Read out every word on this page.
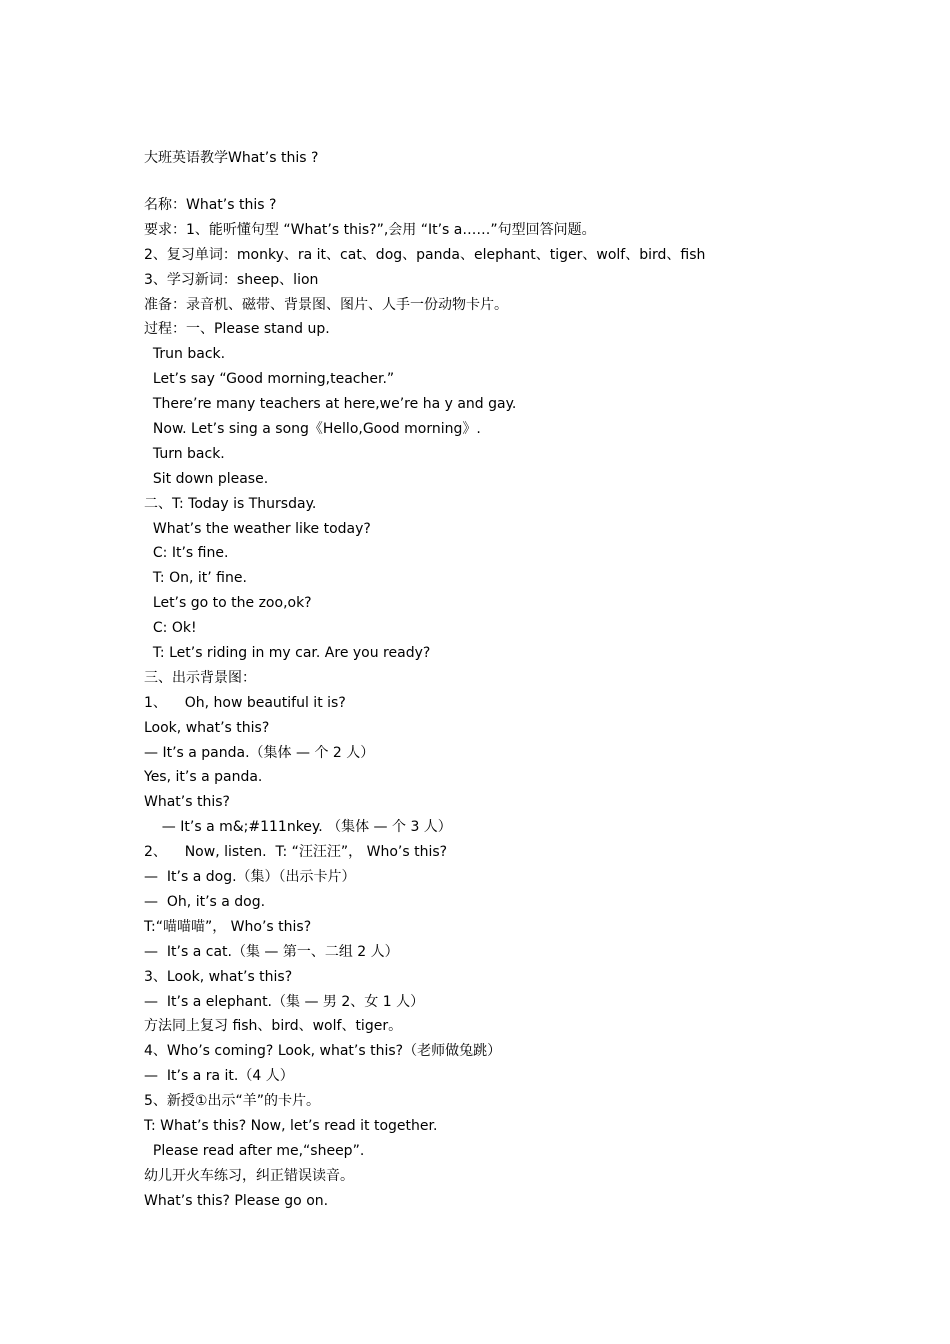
大班英语教学What’s this ?
名称：What’s this ?
要求：1、能听懂句型 “What’s this?”,会用 “It’s a……”句型回答问题。
2、复习单词：monky、ra it、cat、dog、panda、elephant、tiger、wolf、bird、fish
3、学习新词：sheep、lion
准备：录音机、磁带、背景图、图片、人手一份动物卡片。
过程：一、Please stand up.
Trun back.
Let’s say “Good morning,teacher.”
There’re many teachers at here,we’re ha y and gay.
Now. Let’s sing a song《Hello,Good morning》.
Turn back.
Sit down please.
二、T: Today is Thursday.
What’s the weather like today?
C: It’s fine.
T: On, it’ fine.
Let’s go to the zoo,ok?
C: Ok!
T: Let’s riding in my car. Are you ready?
三、出示背景图：
1、    Oh, how beautiful it is?
Look, what’s this?
— It’s a panda.（集体 — 个 2 人）
Yes, it’s a panda.
What’s this?
— It’s a m&;#111nkey. （集体 — 个 3 人）
2、    Now, listen.  T: “汪汪汪”， Who’s this?
—  It’s a dog.（集）（出示卡片）
—  Oh, it’s a dog.
T:“喵喵喵”， Who’s this?
—  It’s a cat.（集 — 第一、二组 2 人）
3、Look, what’s this?
—  It’s a elephant.（集 — 男 2、女 1 人）
方法同上复习 fish、bird、wolf、tiger。
4、Who’s coming? Look, what’s this?（老师做兔跳）
—  It’s a ra it.（4 人）
5、新授①出示“羊”的卡片。
T: What’s this? Now, let’s read it together.
Please read after me,“sheep”.
幼儿开火车练习，纠正错误读音。
What’s this? Please go on.
